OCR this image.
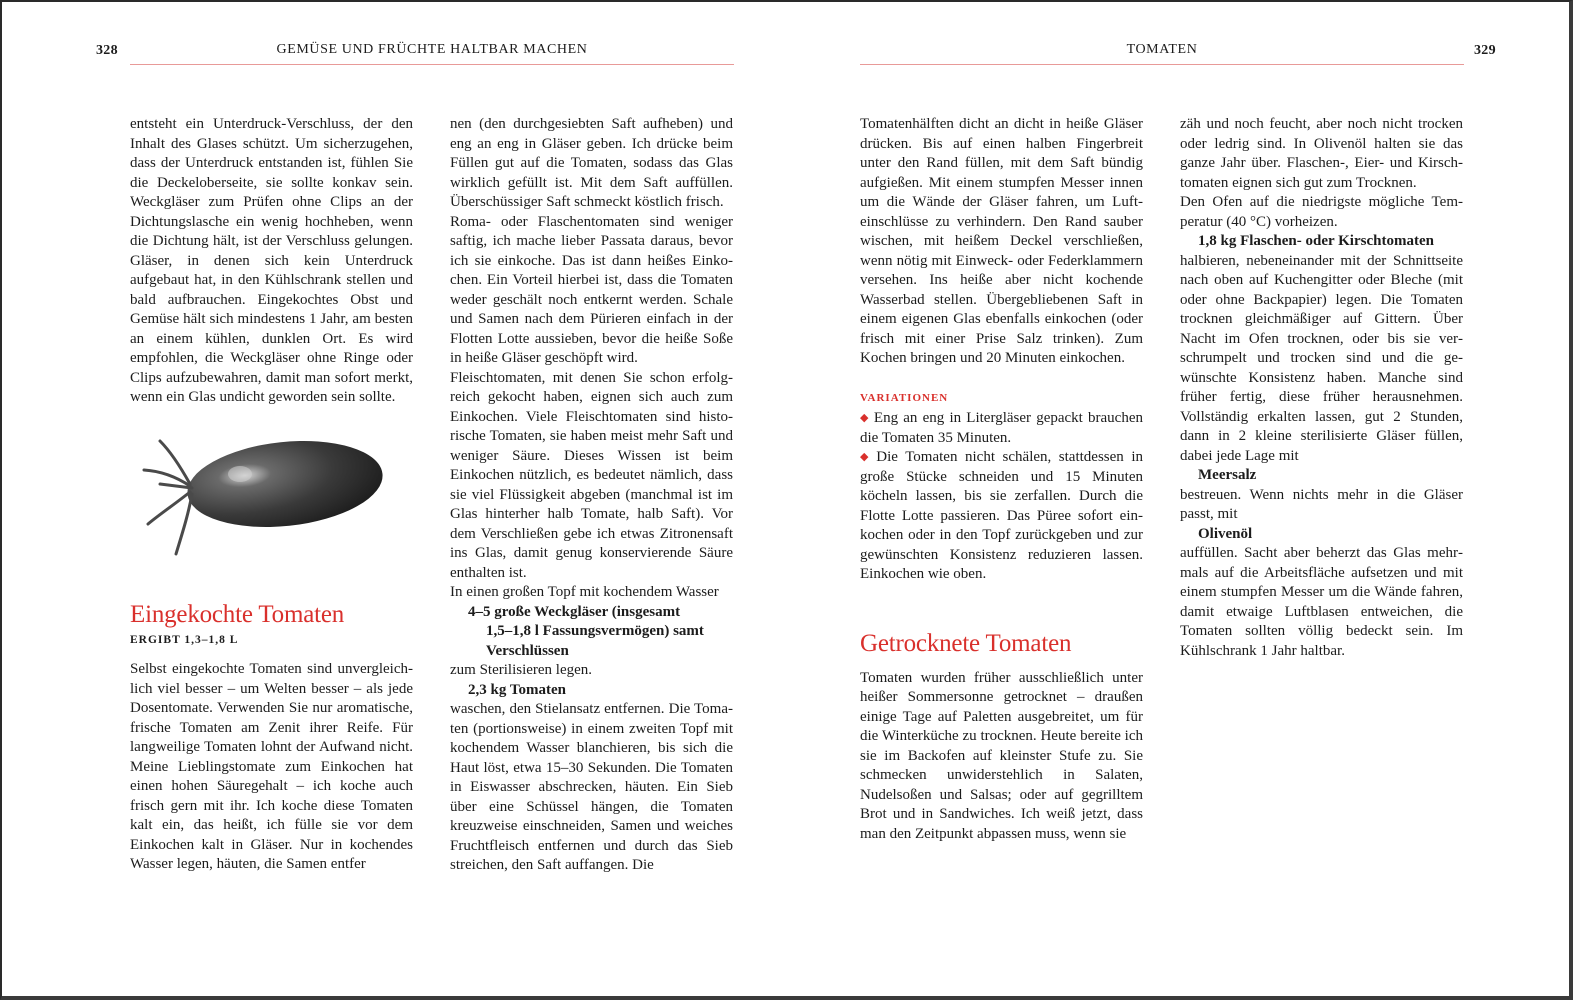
328	GEMÜSE UND FRÜCHTE HALTBAR MACHEN	TOMATEN	329

entsteht ein Unterdruck-Verschluss, der den Inhalt des Glases schützt. Um sicherzugehen, dass der Unterdruck entstanden ist, fühlen Sie die Deckeloberseite, sie sollte konkav sein. Weckgläser zum Prüfen ohne Clips an der Dichtungslasche ein wenig hochheben, wenn die Dichtung hält, ist der Verschluss gelungen. Gläser, in denen sich kein Unterdruck aufgebaut hat, in den Kühlschrank stellen und bald aufbrauchen. Eingekochtes Obst und Gemüse hält sich mindestens 1 Jahr, am besten an einem kühlen, dunklen Ort. Es wird empfohlen, die Weckgläser ohne Ringe oder Clips aufzubewahren, damit man sofort merkt, wenn ein Glas undicht geworden sein sollte.

Eingekochte Tomaten
ERGIBT 1,3–1,8 L

Selbst eingekochte Tomaten sind unvergleichlich viel besser – um Welten besser – als jede Dosentomate. Verwenden Sie nur aromatische, frische Tomaten am Zenit ihrer Reife. Für langweilige Tomaten lohnt der Aufwand nicht. Meine Lieblingstomate zum Einkochen hat einen hohen Säuregehalt – ich koche auch frisch gern mit ihr. Ich koche diese Tomaten kalt ein, das heißt, ich fülle sie vor dem Einkochen kalt in Gläser. Nur in kochendes Wasser legen, häuten, die Samen entfer

nen (den durchgesiebten Saft aufheben) und eng an eng in Gläser geben. Ich drücke beim Füllen gut auf die Tomaten, sodass das Glas wirklich gefüllt ist. Mit dem Saft auffüllen. Überschüssiger Saft schmeckt köstlich frisch.

Roma- oder Flaschentomaten sind weniger saftig, ich mache lieber Passata daraus, bevor ich sie einkoche. Das ist dann heißes Einkochen. Ein Vorteil hierbei ist, dass die Tomaten weder geschält noch entkernt werden. Schale und Samen nach dem Pürieren einfach in der Flotten Lotte aussieben, bevor die heiße Soße in heiße Gläser geschöpft wird.

Fleischtomaten, mit denen Sie schon erfolgreich gekocht haben, eignen sich auch zum Einkochen. Viele Fleischtomaten sind historische Tomaten, sie haben meist mehr Saft und weniger Säure. Dieses Wissen ist beim Einkochen nützlich, es bedeutet nämlich, dass sie viel Flüssigkeit abgeben (manchmal ist im Glas hinterher halb Tomate, halb Saft). Vor dem Verschließen gebe ich etwas Zitronensaft ins Glas, damit genug konservierende Säure enthalten ist.

In einen großen Topf mit kochendem Wasser

4–5 große Weckgläser (insgesamt

1,5–1,8 l Fassungsvermögen) samt

Verschlüssen

zum Sterilisieren legen.

2,3 kg Tomaten

waschen, den Stielansatz entfernen. Die Tomaten (portionsweise) in einem zweiten Topf mit kochendem Wasser blanchieren, bis sich die Haut löst, etwa 15–30 Sekunden. Die Tomaten in Eiswasser abschrecken, häuten. Ein Sieb über eine Schüssel hängen, die Tomaten kreuzweise einschneiden, Samen und weiches Fruchtfleisch entfernen und durch das Sieb streichen, den Saft auffangen. Die

Tomatenhälften dicht an dicht in heiße Gläser drücken. Bis auf einen halben Fingerbreit unter den Rand füllen, mit dem Saft bündig aufgießen. Mit einem stumpfen Messer innen um die Wände der Gläser fahren, um Lufteinschlüsse zu verhindern. Den Rand sauber wischen, mit heißem Deckel verschließen, wenn nötig mit Einweck- oder Federklammern versehen. Ins heiße aber nicht kochende Wasserbad stellen. Übergebliebenen Saft in einem eigenen Glas ebenfalls einkochen (oder frisch mit einer Prise Salz trinken). Zum Kochen bringen und 20 Minuten einkochen.

VARIATIONEN

◆ Eng an eng in Litergläser gepackt brauchen die Tomaten 35 Minuten.

◆ Die Tomaten nicht schälen, stattdessen in große Stücke schneiden und 15 Minuten köcheln lassen, bis sie zerfallen. Durch die Flotte Lotte passieren. Das Püree sofort einkochen oder in den Topf zurückgeben und zur gewünschten Konsistenz reduzieren lassen. Einkochen wie oben.

Getrocknete Tomaten

Tomaten wurden früher ausschließlich unter heißer Sommersonne getrocknet – draußen einige Tage auf Paletten ausgebreitet, um für die Winterküche zu trocknen. Heute bereite ich sie im Backofen auf kleinster Stufe zu. Sie schmecken unwiderstehlich in Salaten, Nudelsoßen und Salsas; oder auf gegrilltem Brot und in Sandwiches. Ich weiß jetzt, dass man den Zeitpunkt abpassen muss, wenn sie

zäh und noch feucht, aber noch nicht trocken oder ledrig sind. In Olivenöl halten sie das ganze Jahr über. Flaschen-, Eier- und Kirschtomaten eignen sich gut zum Trocknen.

Den Ofen auf die niedrigste mögliche Temperatur (40 °C) vorheizen.

1,8 kg Flaschen- oder Kirschtomaten

halbieren, nebeneinander mit der Schnittseite nach oben auf Kuchengitter oder Bleche (mit oder ohne Backpapier) legen. Die Tomaten trocknen gleichmäßiger auf Gittern. Über Nacht im Ofen trocknen, oder bis sie verschrumpelt und trocken sind und die gewünschte Konsistenz haben. Manche sind früher fertig, diese früher herausnehmen. Vollständig erkalten lassen, gut 2 Stunden, dann in 2 kleine sterilisierte Gläser füllen, dabei jede Lage mit

Meersalz

bestreuen. Wenn nichts mehr in die Gläser passt, mit

Olivenöl

auffüllen. Sacht aber beherzt das Glas mehrmals auf die Arbeitsfläche aufsetzen und mit einem stumpfen Messer um die Wände fahren, damit etwaige Luftblasen entweichen, die Tomaten sollten völlig bedeckt sein. Im Kühlschrank 1 Jahr haltbar.
